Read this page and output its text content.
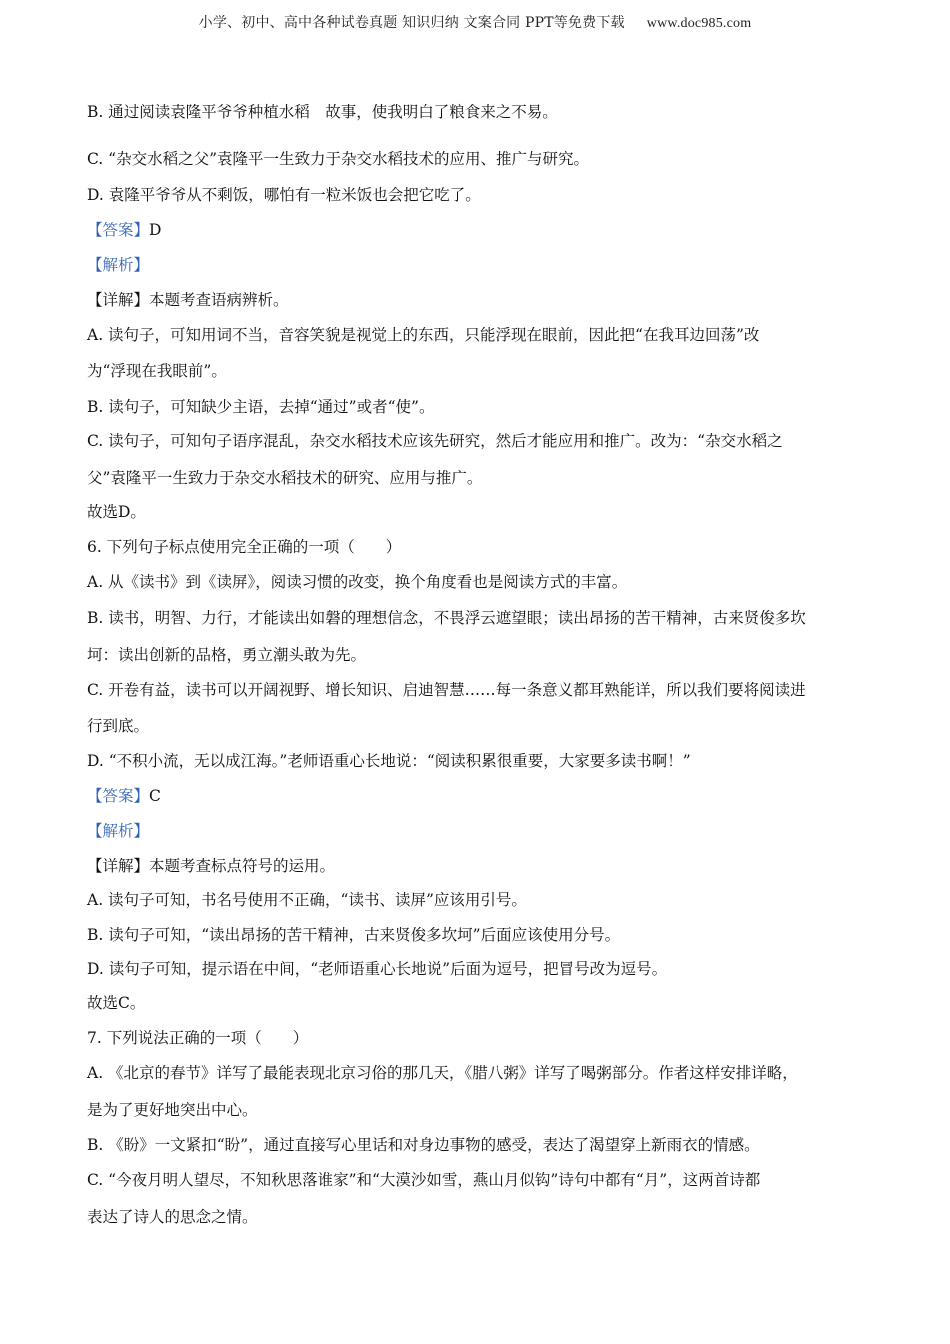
小学、初中、高中各种试卷真题 知识归纳 文案合同 PPT等免费下载 www.doc985.com
B. 通过阅读袁隆平爷爷种植水稻　故事，使我明白了粮食来之不易。
C. “杂交水稻之父”袁隆平一生致力于杂交水稻技术的应用、推广与研究。
D. 袁隆平爷爷从不剩饭，哪怕有一粒米饭也会把它吃了。
【答案】D
【解析】
【详解】本题考查语病辨析。
A. 读句子，可知用词不当，音容笑貌是视觉上的东西，只能浮现在眼前，因此把“在我耳边回荡”改
为“浮现在我眼前”。
B. 读句子，可知缺少主语，去掉“通过”或者“使”。
C. 读句子，可知句子语序混乱，杂交水稻技术应该先研究，然后才能应用和推广。改为：“杂交水稻之
父”袁隆平一生致力于杂交水稻技术的研究、应用与推广。
故选D。
6. 下列句子标点使用完全正确的一项（　　）
A. 从《读书》到《读屏》，阅读习惯的改变，换个角度看也是阅读方式的丰富。
B. 读书，明智、力行，才能读出如磐的理想信念，不畏浮云遮望眼；读出昂扬的苦干精神，古来贤俊多坎
坷：读出创新的品格，勇立潮头敢为先。
C. 开卷有益，读书可以开阔视野、增长知识、启迪智慧……每一条意义都耳熟能详，所以我们要将阅读进
行到底。
D. “不积小流，无以成江海。”老师语重心长地说：“阅读积累很重要，大家要多读书啊！”
【答案】C
【解析】
【详解】本题考查标点符号的运用。
A. 读句子可知，书名号使用不正确，“读书、读屏”应该用引号。
B. 读句子可知，“读出昂扬的苦干精神，古来贤俊多坎坷”后面应该使用分号。
D. 读句子可知，提示语在中间，“老师语重心长地说”后面为逗号，把冒号改为逗号。
故选C。
7. 下列说法正确的一项（　　）
A. 《北京的春节》详写了最能表现北京习俗的那几天，《腊八粥》详写了喝粥部分。作者这样安排详略，
是为了更好地突出中心。
B. 《盼》一文紧扣“盼”，通过直接写心里话和对身边事物的感受，表达了渴望穿上新雨衣的情感。
C. “今夜月明人望尽，不知秋思落谁家”和“大漠沙如雪，燕山月似钩”诗句中都有“月”，这两首诗都
表达了诗人的思念之情。
